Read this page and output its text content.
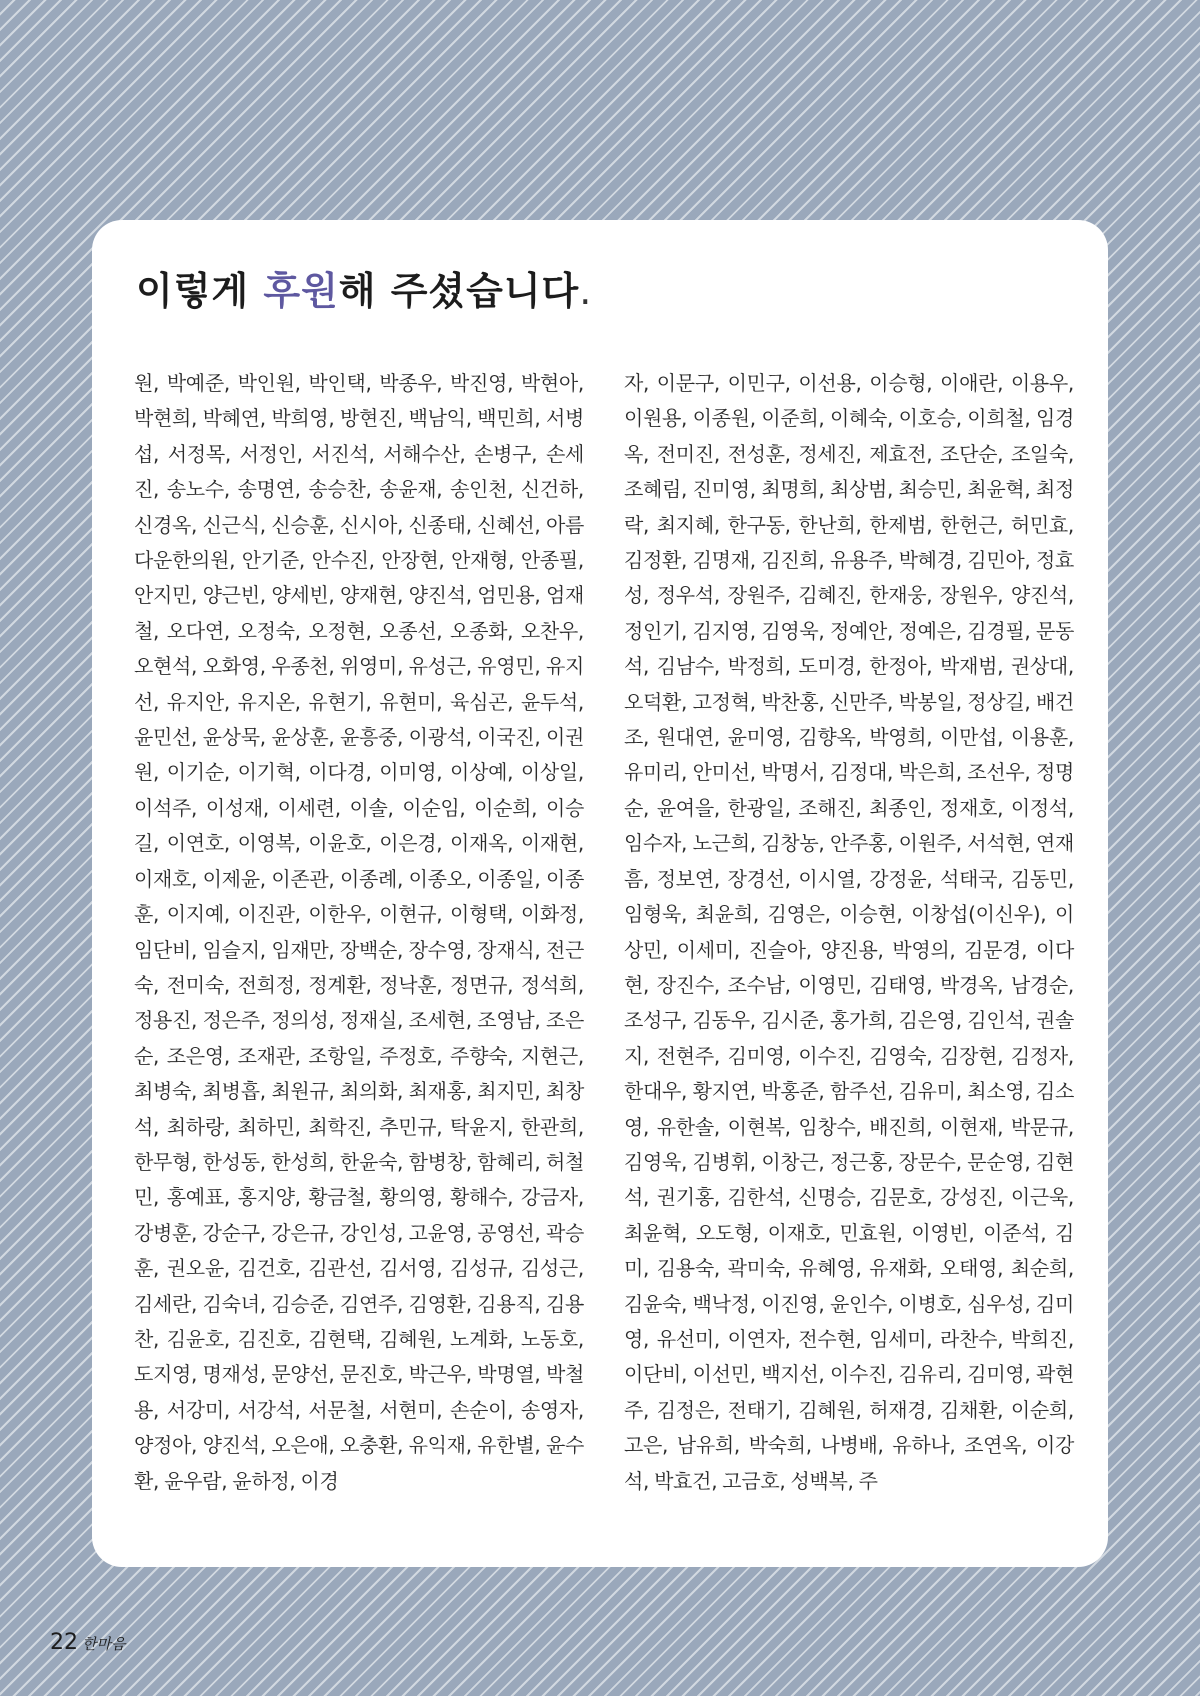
이렇게 후원해 주셨습니다.
원, 박예준, 박인원, 박인택, 박종우, 박진영, 박현아, 박현희, 박혜연, 박희영, 방현진, 백남익, 백민희, 서병섭, 서정목, 서정인, 서진석, 서해수산, 손병구, 손세진, 송노수, 송명연, 송승찬, 송윤재, 송인천, 신건하, 신경옥, 신근식, 신승훈, 신시아, 신종태, 신혜선, 아름다운한의원, 안기준, 안수진, 안장현, 안재형, 안종필, 안지민, 양근빈, 양세빈, 양재현, 양진석, 엄민용, 엄재철, 오다연, 오정숙, 오정현, 오종선, 오종화, 오찬우, 오현석, 오화영, 우종천, 위영미, 유성근, 유영민, 유지선, 유지안, 유지온, 유현기, 유현미, 육심곤, 윤두석, 윤민선, 윤상묵, 윤상훈, 윤흥중, 이광석, 이국진, 이권원, 이기순, 이기혁, 이다경, 이미영, 이상예, 이상일, 이석주, 이성재, 이세련, 이솔, 이순임, 이순희, 이승길, 이연호, 이영복, 이윤호, 이은경, 이재옥, 이재현, 이재호, 이제윤, 이존관, 이종례, 이종오, 이종일, 이종훈, 이지예, 이진관, 이한우, 이현규, 이형택, 이화정, 임단비, 임슬지, 임재만, 장백순, 장수영, 장재식, 전근숙, 전미숙, 전희정, 정계환, 정낙훈, 정면규, 정석희, 정용진, 정은주, 정의성, 정재실, 조세현, 조영남, 조은순, 조은영, 조재관, 조항일, 주정호, 주향숙, 지현근, 최병숙, 최병흡, 최원규, 최의화, 최재홍, 최지민, 최창석, 최하랑, 최하민, 최학진, 추민규, 탁윤지, 한관희, 한무형, 한성동, 한성희, 한윤숙, 함병창, 함혜리, 허철민, 홍예표, 홍지양, 황금철, 황의영, 황해수, 강금자, 강병훈, 강순구, 강은규, 강인성, 고윤영, 공영선, 곽승훈, 권오윤, 김건호, 김관선, 김서영, 김성규, 김성근, 김세란, 김숙녀, 김승준, 김연주, 김영환, 김용직, 김용찬, 김윤호, 김진호, 김현택, 김혜원, 노계화, 노동호, 도지영, 명재성, 문양선, 문진호, 박근우, 박명열, 박철용, 서강미, 서강석, 서문철, 서현미, 손순이, 송영자, 양정아, 양진석, 오은애, 오충환, 유익재, 유한별, 윤수환, 윤우람, 윤하정, 이경
자, 이문구, 이민구, 이선용, 이승형, 이애란, 이용우, 이원용, 이종원, 이준희, 이혜숙, 이호승, 이희철, 임경옥, 전미진, 전성훈, 정세진, 제효전, 조단순, 조일숙, 조혜림, 진미영, 최명희, 최상범, 최승민, 최윤혁, 최정락, 최지혜, 한구동, 한난희, 한제범, 한헌근, 허민효, 김정환, 김명재, 김진희, 유용주, 박혜경, 김민아, 정효성, 정우석, 장원주, 김혜진, 한재웅, 장원우, 양진석, 정인기, 김지영, 김영욱, 정예안, 정예은, 김경필, 문동석, 김남수, 박정희, 도미경, 한정아, 박재범, 권상대, 오덕환, 고정혁, 박찬홍, 신만주, 박봉일, 정상길, 배건조, 원대연, 윤미영, 김향옥, 박영희, 이만섭, 이용훈, 유미리, 안미선, 박명서, 김정대, 박은희, 조선우, 정명순, 윤여을, 한광일, 조해진, 최종인, 정재호, 이정석, 임수자, 노근희, 김창농, 안주홍, 이원주, 서석현, 연재흠, 정보연, 장경선, 이시열, 강정윤, 석태국, 김동민, 임형욱, 최윤희, 김영은, 이승현, 이창섭(이신우), 이상민, 이세미, 진슬아, 양진용, 박영의, 김문경, 이다현, 장진수, 조수남, 이영민, 김태영, 박경옥, 남경순, 조성구, 김동우, 김시준, 홍가희, 김은영, 김인석, 권솔지, 전현주, 김미영, 이수진, 김영숙, 김장현, 김정자, 한대우, 황지연, 박홍준, 함주선, 김유미, 최소영, 김소영, 유한솔, 이현복, 임창수, 배진희, 이현재, 박문규, 김영욱, 김병휘, 이창근, 정근홍, 장문수, 문순영, 김현석, 권기홍, 김한석, 신명승, 김문호, 강성진, 이근욱, 최윤혁, 오도형, 이재호, 민효원, 이영빈, 이준석, 김미, 김용숙, 곽미숙, 유혜영, 유재화, 오태영, 최순희, 김윤숙, 백낙정, 이진영, 윤인수, 이병호, 심우성, 김미영, 유선미, 이연자, 전수현, 임세미, 라찬수, 박희진, 이단비, 이선민, 백지선, 이수진, 김유리, 김미영, 곽현주, 김정은, 전태기, 김혜원, 허재경, 김채환, 이순희, 고은, 남유희, 박숙희, 나병배, 유하나, 조연옥, 이강석, 박효건, 고금호, 성백복, 주
22 한마음
